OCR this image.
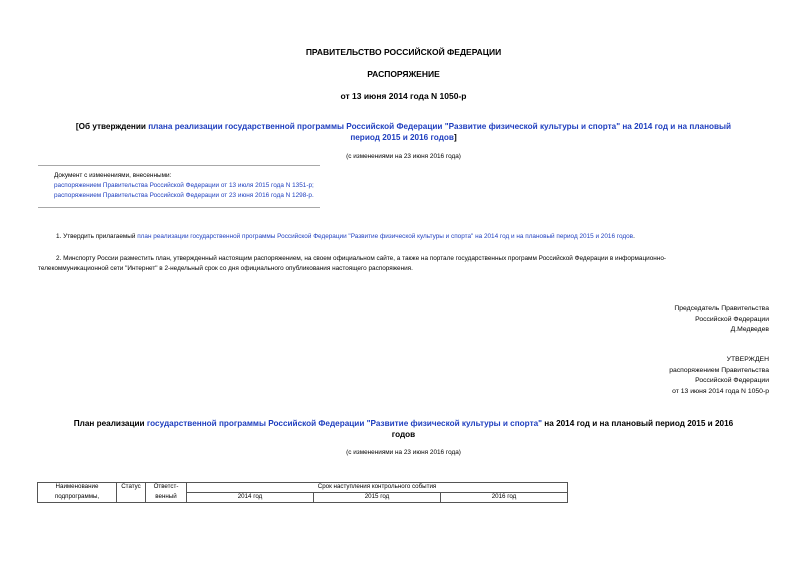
ПРАВИТЕЛЬСТВО РОССИЙСКОЙ ФЕДЕРАЦИИ
РАСПОРЯЖЕНИЕ
от 13 июня 2014 года N 1050-р
[Об утверждении плана реализации государственной программы Российской Федерации "Развитие физической культуры и спорта" на 2014 год и на плановый
период 2015 и 2016 годов]
(с изменениями на 23 июня 2016 года)
Документ с изменениями, внесенными:
распоряжением Правительства Российской Федерации от 13 июля 2015 года N 1351-р;
распоряжением Правительства Российской Федерации от 23 июня 2016 года N 1298-р.
1. Утвердить прилагаемый план реализации государственной программы Российской Федерации "Развитие физической культуры и спорта" на 2014 год и на плановый период 2015 и 2016 годов.
2. Минспорту России разместить план, утвержденный настоящим распоряжением, на своем официальном сайте, а также на портале государственных программ Российской Федерации в информационно-
телекоммуникационной сети "Интернет" в 2-недельный срок со дня официального опубликования настоящего распоряжения.
Председатель Правительства
Российской Федерации
Д.Медведев
УТВЕРЖДЕН
распоряжением Правительства
Российской Федерации
от 13 июня 2014 года N 1050-р
План реализации государственной программы Российской Федерации "Развитие физической культуры и спорта" на 2014 год и на плановый период 2015 и 2016
годов
(с изменениями на 23 июня 2016 года)
Наименование	Статус	Ответст-	Срок наступления контрольного события		
подпрограммы,		венный	2014 год	2015 год	2016 год
